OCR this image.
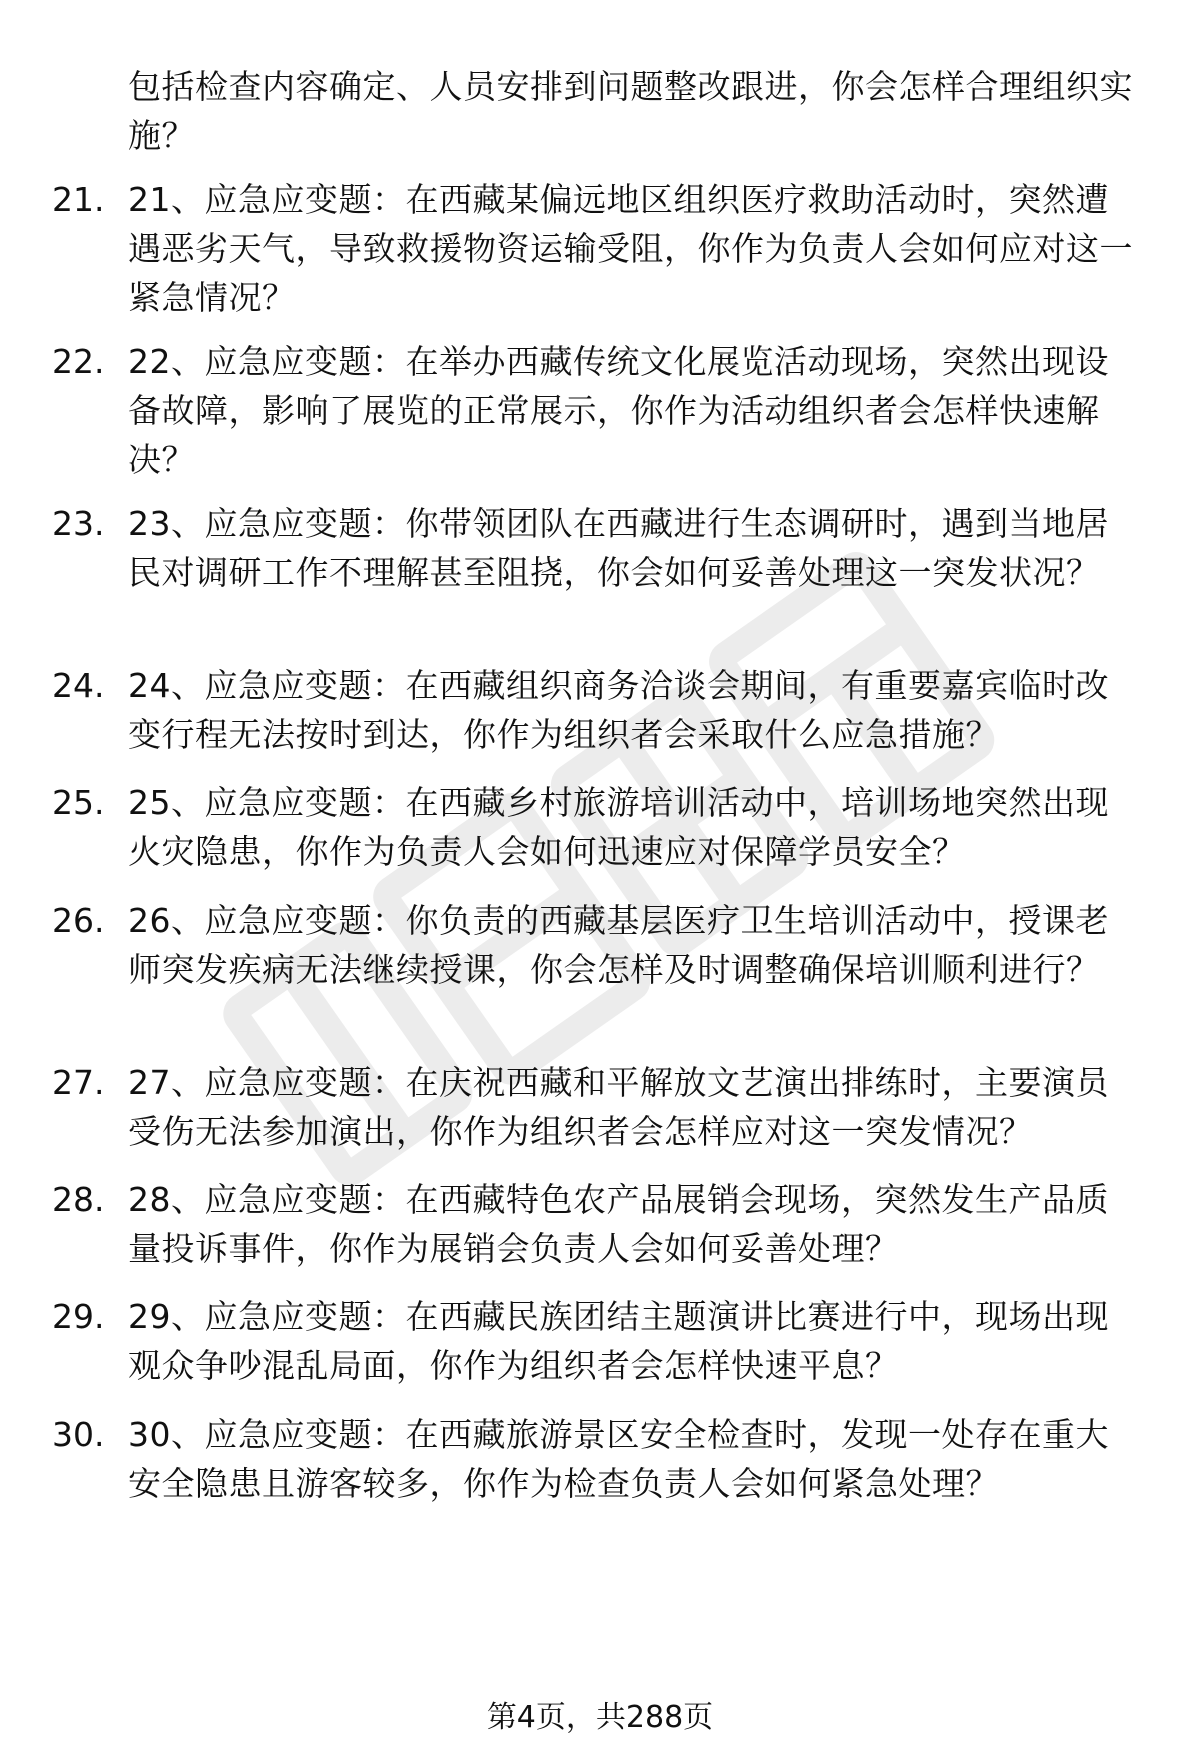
包括检查内容确定、人员安排到问题整改跟进，你会怎样合理组织实施？
21. 21、应急应变题：在西藏某偏远地区组织医疗救助活动时，突然遭遇恶劣天气，导致救援物资运输受阻，你作为负责人会如何应对这一紧急情况？
22. 22、应急应变题：在举办西藏传统文化展览活动现场，突然出现设备故障，影响了展览的正常展示，你作为活动组织者会怎样快速解决？
23. 23、应急应变题：你带领团队在西藏进行生态调研时，遇到当地居民对调研工作不理解甚至阻挠，你会如何妥善处理这一突发状况？
24. 24、应急应变题：在西藏组织商务洽谈会期间，有重要嘉宾临时改变行程无法按时到达，你作为组织者会采取什么应急措施？
25. 25、应急应变题：在西藏乡村旅游培训活动中，培训场地突然出现火灾隐患，你作为负责人会如何迅速应对保障学员安全？
26. 26、应急应变题：你负责的西藏基层医疗卫生培训活动中，授课老师突发疾病无法继续授课，你会怎样及时调整确保培训顺利进行？
27. 27、应急应变题：在庆祝西藏和平解放文艺演出排练时，主要演员受伤无法参加演出，你作为组织者会怎样应对这一突发情况？
28. 28、应急应变题：在西藏特色农产品展销会现场，突然发生产品质量投诉事件，你作为展销会负责人会如何妥善处理？
29. 29、应急应变题：在西藏民族团结主题演讲比赛进行中，现场出现观众争吵混乱局面，你作为组织者会怎样快速平息？
30. 30、应急应变题：在西藏旅游景区安全检查时，发现一处存在重大安全隐患且游客较多，你作为检查负责人会如何紧急处理？
第4页，共288页
